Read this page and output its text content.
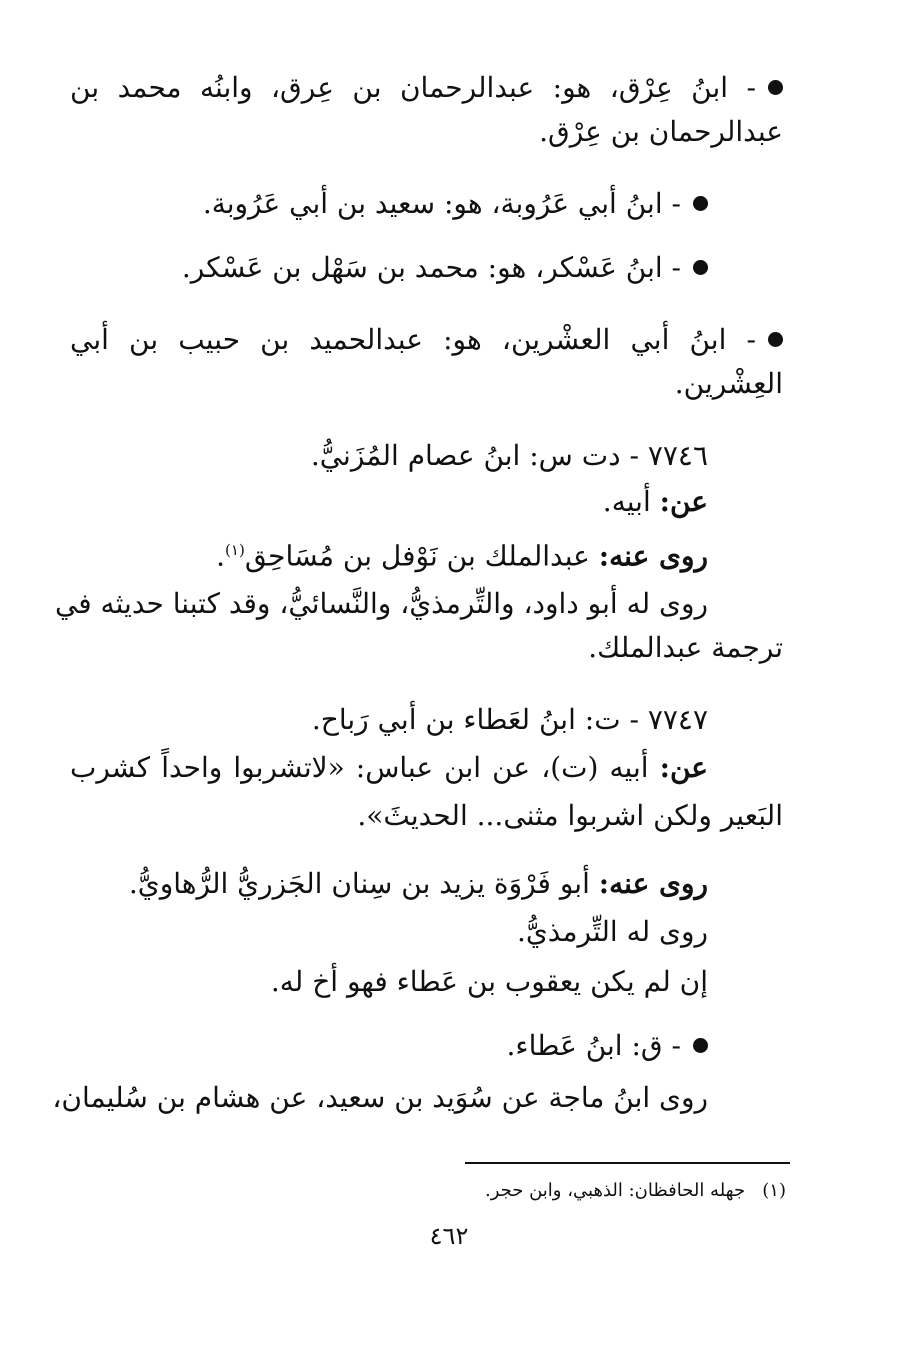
- ابنُ عِرْق، هو: عبدالرحمان بن عِرق، وابنُه محمد بن
عبدالرحمان بن عِرْق.
- ابنُ أبي عَرُوبة، هو: سعيد بن أبي عَرُوبة.
- ابنُ عَسْكر، هو: محمد بن سَهْل بن عَسْكر.
- ابنُ أبي العشْرين، هو: عبدالحميد بن حبيب بن أبي
العِشْرين.
٧٧٤٦ - دت س: ابنُ عصام المُزَنيُّ.
عن: أبيه.
روى عنه: عبدالملك بن نَوْفل بن مُسَاحِق$^{(١)}$.
روى له أبو داود، والتِّرمذيُّ، والنَّسائيُّ، وقد كتبنا حديثه في
ترجمة عبدالملك.
٧٧٤٧ - ت: ابنُ لعَطاء بن أبي رَباح.
عن: أبيه (ت)، عن ابن عباس: «لاتشربوا واحداً كشرب
البَعير ولكن اشربوا مثنى... الحديثَ».
روى عنه: أبو فَرْوَة يزيد بن سِنان الجَزريُّ الرُّهاويُّ.
روى له التِّرمذيُّ.
إن لم يكن يعقوب بن عَطاء فهو أخ له.
- ق: ابنُ عَطاء.
روى ابنُ ماجة عن سُوَيد بن سعيد، عن هشام بن سُليمان،
(١)   جهله الحافظان: الذهبي، وابن حجر.
٤٦٢
